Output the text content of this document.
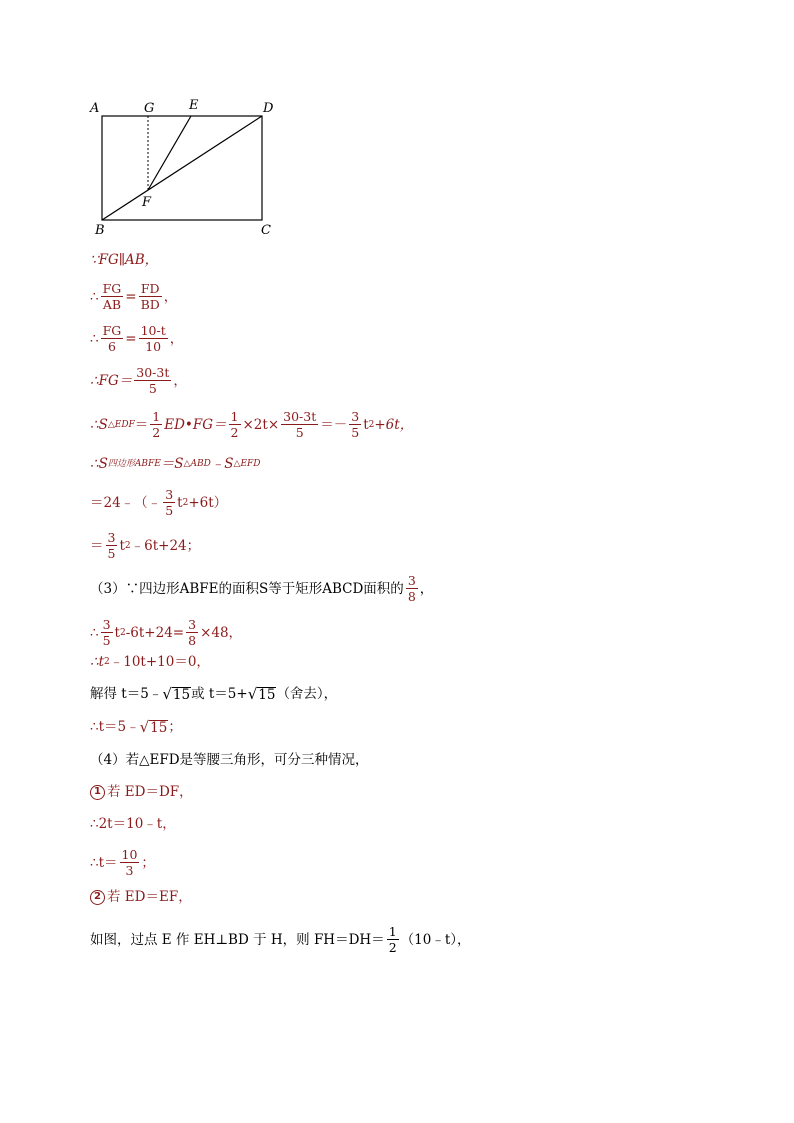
A	G	E	D
F
B	C
∵FG∥AB，
∴ $\frac{FG}{AB} = \frac{FD}{BD}$ ，
∴ $\frac{FG}{6} = \frac{10-t}{10}$ ，
∴FG＝ $\frac{30-3t}{5}$ ，
∴S △EDF ＝ $\frac{1}{2}$ ED•FG＝ $\frac{1}{2} \times 2t\times \frac{30-3t}{5} =- \frac{3}{5}$ t 2 +6t，
∴S 四边形ABFE ＝S △ABD ﹣S △EFD
＝24﹣（﹣ $\frac{3}{5}$ t 2 +6t）
＝ $\frac{3}{5}$ t 2 ﹣6t+24；
（3）∵四边形ABFE的面积S等于矩形ABCD面积的 $\frac{3}{8}$ ，
∴ $\frac{3}{5}$ t 2 $-6t+24= \frac{3}{8} \times 48$，
∴t 2 ﹣10t+10＝0，
解得 t＝5﹣ √ 15 或 t＝5+ √ 15 （舍去），
∴t＝5﹣ √ 15 ；
（4）若△EFD是等腰三角形，可分三种情况，
1 若 ED＝DF，
∴2t＝10﹣t，
∴t＝ $\frac{10}{3}$ ；
2 若 ED＝EF，
如图，过点 E 作 EH⊥BD 于 H，则 $FH=DH= \frac{1}{2}$ （10﹣t），
